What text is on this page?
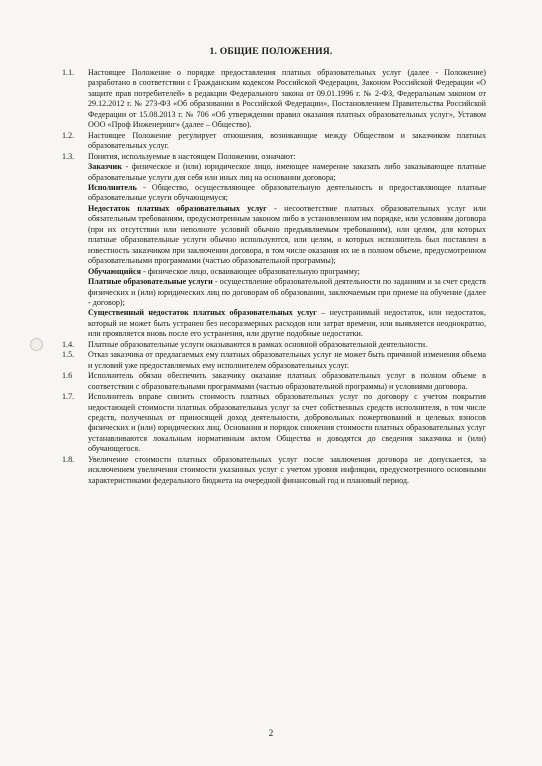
1. ОБЩИЕ ПОЛОЖЕНИЯ.
1.1.	Настоящее Положение о порядке предоставления платных образовательных услуг (далее - Положение) разработано в соответствии с Гражданским кодексом Российской Федерации, Законом Российской Федерации «О защите прав потребителей» в редакции Федерального закона от 09.01.1996 г. № 2-ФЗ, Федеральным законом от 29.12.2012 г. № 273-ФЗ «Об образовании в Российской Федерации», Постановлением Правительства Российской Федерации от 15.08.2013 г. № 706 «Об утверждении правил оказания платных образовательных услуг», Уставом ООО «Проф Инженеринг» (далее – Общество).
1.2.	Настоящее Положение регулирует отношения, возникающие между Обществом и заказчиком платных образовательных услуг.
1.3.	Понятия, используемые в настоящем Положении, означают:
Заказчик - физическое и (или) юридическое лицо, имеющее намерение заказать либо заказывающее платные образовательные услуги для себя или иных лиц на основании договора;
Исполнитель - Общество, осуществляющее образовательную деятельность и предоставляющее платные образовательные услуги обучающемуся;
Недостаток платных образовательных услуг - несоответствие платных образовательных услуг или обязательным требованиям, предусмотренным законом либо в установленном им порядке, или условиям договора (при их отсутствии или неполноте условий обычно предъявляемым требованиям), или целям, для которых платные образовательные услуги обычно используются, или целям, о которых исполнитель был поставлен в известность заказчиком при заключении договора, в том числе оказания их не в полном объеме, предусмотренном образовательными программами (частью образовательной программы);
Обучающийся - физическое лицо, осваивающее образовательную программу;
Платные образовательные услуги - осуществление образовательной деятельности по заданиям и за счет средств физических и (или) юридических лиц по договорам об образовании, заключаемым при приеме на обучение (далее - договор);
Существенный недостаток платных образовательных услуг – неустранимый недостаток, или недостаток, который не может быть устранен без несоразмерных расходов или затрат времени, или выявляется неоднократно, или проявляется вновь после его устранения, или другие подобные недостатки.
1.4.	Платные образовательные услуги оказываются в рамках основной образовательной деятельности.
1.5.	Отказ заказчика от предлагаемых ему платных образовательных услуг не может быть причиной изменения объема и условий уже предоставляемых ему исполнителем образовательных услуг.
1.6	Исполнитель обязан обеспечить заказчику оказание платных образовательных услуг в полном объеме в соответствии с образовательными программами (частью образовательной программы) и условиями договора.
1.7.	Исполнитель вправе снизить стоимость платных образовательных услуг по договору с учетом покрытия недостающей стоимости платных образовательных услуг за счет собственных средств исполнителя, в том числе средств, полученных от приносящей доход деятельности, добровольных пожертвований и целевых взносов физических и (или) юридических лиц. Основания и порядок снижения стоимости платных образовательных услуг устанавливаются локальным нормативным актом Общества и доводятся до сведения заказчика и (или) обучающегося.
1.8.	Увеличение стоимости платных образовательных услуг после заключения договора не допускается, за исключением увеличения стоимости указанных услуг с учетом уровня инфляции, предусмотренного основными характеристиками федерального бюджета на очередной финансовый год и плановый период.
2
